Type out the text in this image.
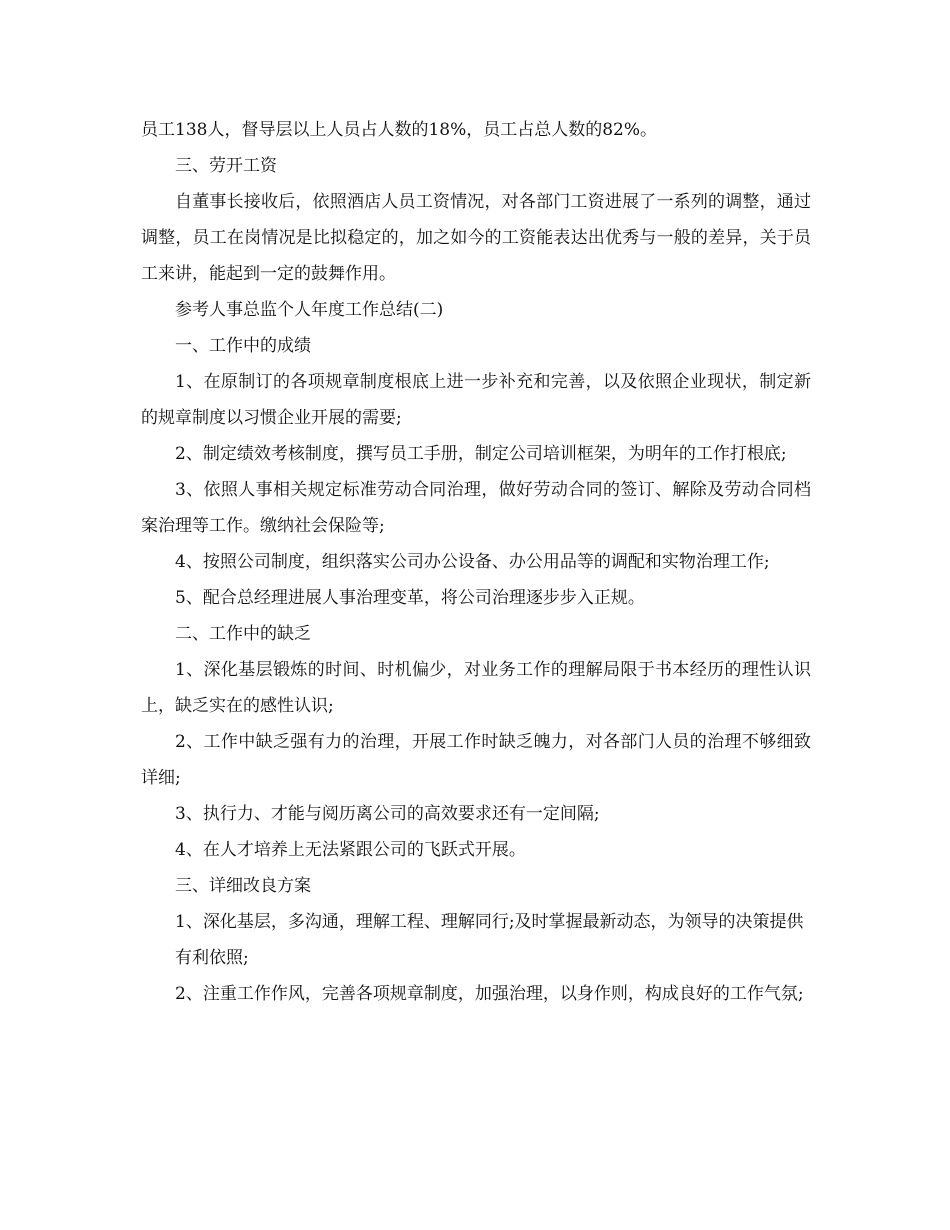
员工138人，督导层以上人员占人数的18%，员工占总人数的82%。

三、劳开工资

自董事长接收后，依照酒店人员工资情况，对各部门工资进展了一系列的调整，通过调整，员工在岗情况是比拟稳定的，加之如今的工资能表达出优秀与一般的差异，关于员工来讲，能起到一定的鼓舞作用。

参考人事总监个人年度工作总结(二)

一、工作中的成绩

1、在原制订的各项规章制度根底上进一步补充和完善，以及依照企业现状，制定新的规章制度以习惯企业开展的需要;

2、制定绩效考核制度，撰写员工手册，制定公司培训框架，为明年的工作打根底;

3、依照人事相关规定标准劳动合同治理，做好劳动合同的签订、解除及劳动合同档案治理等工作。缴纳社会保险等;

4、按照公司制度，组织落实公司办公设备、办公用品等的调配和实物治理工作;

5、配合总经理进展人事治理变革，将公司治理逐步步入正规。

二、工作中的缺乏

1、深化基层锻炼的时间、时机偏少，对业务工作的理解局限于书本经历的理性认识上，缺乏实在的感性认识;

2、工作中缺乏强有力的治理，开展工作时缺乏魄力，对各部门人员的治理不够细致详细;

3、执行力、才能与阅历离公司的高效要求还有一定间隔;

4、在人才培养上无法紧跟公司的飞跃式开展。

三、详细改良方案

1、深化基层，多沟通，理解工程、理解同行;及时掌握最新动态，为领导的决策提供

有利依照;

2、注重工作作风，完善各项规章制度，加强治理，以身作则，构成良好的工作气氛;
